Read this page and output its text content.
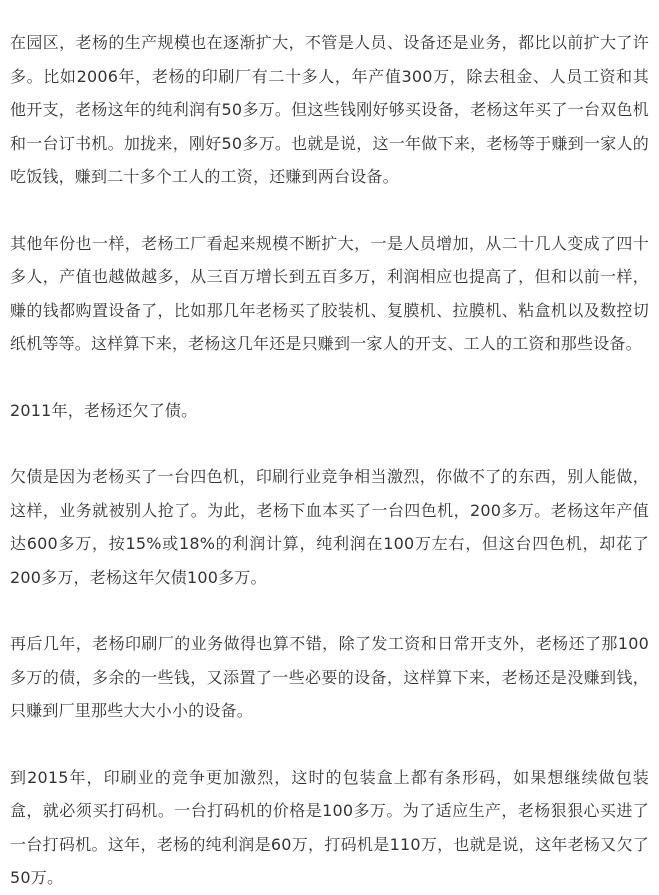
在园区，老杨的生产规模也在逐渐扩大，不管是人员、设备还是业务，都比以前扩大了许多。比如2006年，老杨的印刷厂有二十多人，年产值300万，除去租金、人员工资和其他开支，老杨这年的纯利润有50多万。但这些钱刚好够买设备，老杨这年买了一台双色机和一台订书机。加拢来，刚好50多万。也就是说，这一年做下来，老杨等于赚到一家人的吃饭钱，赚到二十多个工人的工资，还赚到两台设备。

其他年份也一样，老杨工厂看起来规模不断扩大，一是人员增加，从二十几人变成了四十多人，产值也越做越多，从三百万增长到五百多万，利润相应也提高了，但和以前一样，赚的钱都购置设备了，比如那几年老杨买了胶装机、复膜机、拉膜机、粘盒机以及数控切纸机等等。这样算下来，老杨这几年还是只赚到一家人的开支、工人的工资和那些设备。

2011年，老杨还欠了债。

欠债是因为老杨买了一台四色机，印刷行业竞争相当激烈，你做不了的东西，别人能做，这样，业务就被别人抢了。为此，老杨下血本买了一台四色机，200多万。老杨这年产值达600多万，按15%或18%的利润计算，纯利润在100万左右，但这台四色机，却花了200多万，老杨这年欠债100多万。

再后几年，老杨印刷厂的业务做得也算不错，除了发工资和日常开支外，老杨还了那100多万的债，多余的一些钱，又添置了一些必要的设备，这样算下来，老杨还是没赚到钱，只赚到厂里那些大大小小的设备。

到2015年，印刷业的竞争更加激烈，这时的包装盒上都有条形码，如果想继续做包装盒，就必须买打码机。一台打码机的价格是100多万。为了适应生产，老杨狠狠心买进了一台打码机。这年，老杨的纯利润是60万，打码机是110万，也就是说，这年老杨又欠了50万。
